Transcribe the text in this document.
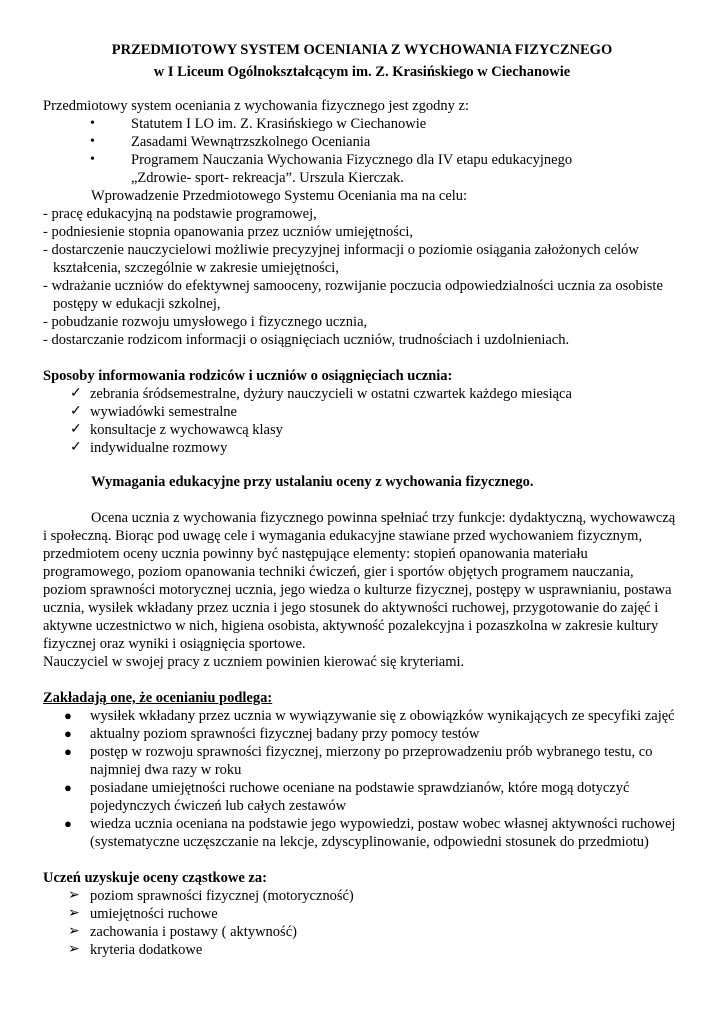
PRZEDMIOTOWY SYSTEM OCENIANIA Z WYCHOWANIA FIZYCZNEGO
w I Liceum Ogólnokształcącym im. Z. Krasińskiego w Ciechanowie
Przedmiotowy system oceniania z wychowania fizycznego jest zgodny z:
• Statutem I LO im. Z. Krasińskiego w Ciechanowie
• Zasadami Wewnątrzszkolnego Oceniania
• Programem Nauczania Wychowania Fizycznego dla IV etapu edukacyjnego
„Zdrowie- sport- rekreacja”. Urszula Kierczak.
Wprowadzenie Przedmiotowego Systemu Oceniania ma na celu:
- pracę edukacyjną na podstawie programowej,
- podniesienie stopnia opanowania przez uczniów umiejętności,
- dostarczenie nauczycielowi możliwie precyzyjnej informacji o poziomie osiągania założonych celów
kształcenia, szczególnie w zakresie umiejętności,
- wdrażanie uczniów do efektywnej samooceny, rozwijanie poczucia odpowiedzialności ucznia za osobiste
postępy w edukacji szkolnej,
- pobudzanie rozwoju umysłowego i fizycznego ucznia,
- dostarczanie rodzicom informacji o osiągnięciach uczniów, trudnościach i uzdolnieniach.
Sposoby informowania rodziców i uczniów o osiągnięciach ucznia:
✓ zebrania śródsemestralne, dyżury nauczycieli w ostatni czwartek każdego miesiąca
✓ wywiadówki semestralne
✓ konsultacje z wychowawcą klasy
✓ indywidualne rozmowy
Wymagania edukacyjne przy ustalaniu oceny z wychowania fizycznego.
Ocena ucznia z wychowania fizycznego powinna spełniać trzy funkcje: dydaktyczną, wychowawczą
i społeczną. Biorąc pod uwagę cele i wymagania edukacyjne stawiane przed wychowaniem fizycznym,
przedmiotem oceny ucznia powinny być następujące elementy: stopień opanowania materiału
programowego, poziom opanowania techniki ćwiczeń, gier i sportów objętych programem nauczania,
poziom sprawności motorycznej ucznia, jego wiedza o kulturze fizycznej, postępy w usprawnianiu, postawa
ucznia, wysiłek wkładany przez ucznia i jego stosunek do aktywności ruchowej, przygotowanie do zajęć i
aktywne uczestnictwo w nich, higiena osobista, aktywność pozalekcyjna i pozaszkolna w zakresie kultury
fizycznej oraz wyniki i osiągnięcia sportowe.
Nauczyciel w swojej pracy z uczniem powinien kierować się kryteriami.
Zakładają one, że ocenianiu podlega:
● wysiłek wkładany przez ucznia w wywiązywanie się z obowiązków wynikających ze specyfiki zajęć
● aktualny poziom sprawności fizycznej badany przy pomocy testów
● postęp w rozwoju sprawności fizycznej, mierzony po przeprowadzeniu prób wybranego testu, co
najmniej dwa razy w roku
● posiadane umiejętności ruchowe oceniane na podstawie sprawdzianów, które mogą dotyczyć
pojedynczych ćwiczeń lub całych zestawów
● wiedza ucznia oceniana na podstawie jego wypowiedzi, postaw wobec własnej aktywności ruchowej
(systematyczne uczęszczanie na lekcje, zdyscyplinowanie, odpowiedni stosunek do przedmiotu)
Uczeń uzyskuje oceny cząstkowe za:
➢ poziom sprawności fizycznej (motoryczność)
➢ umiejętności ruchowe
➢ zachowania i postawy ( aktywność)
➢ kryteria dodatkowe
